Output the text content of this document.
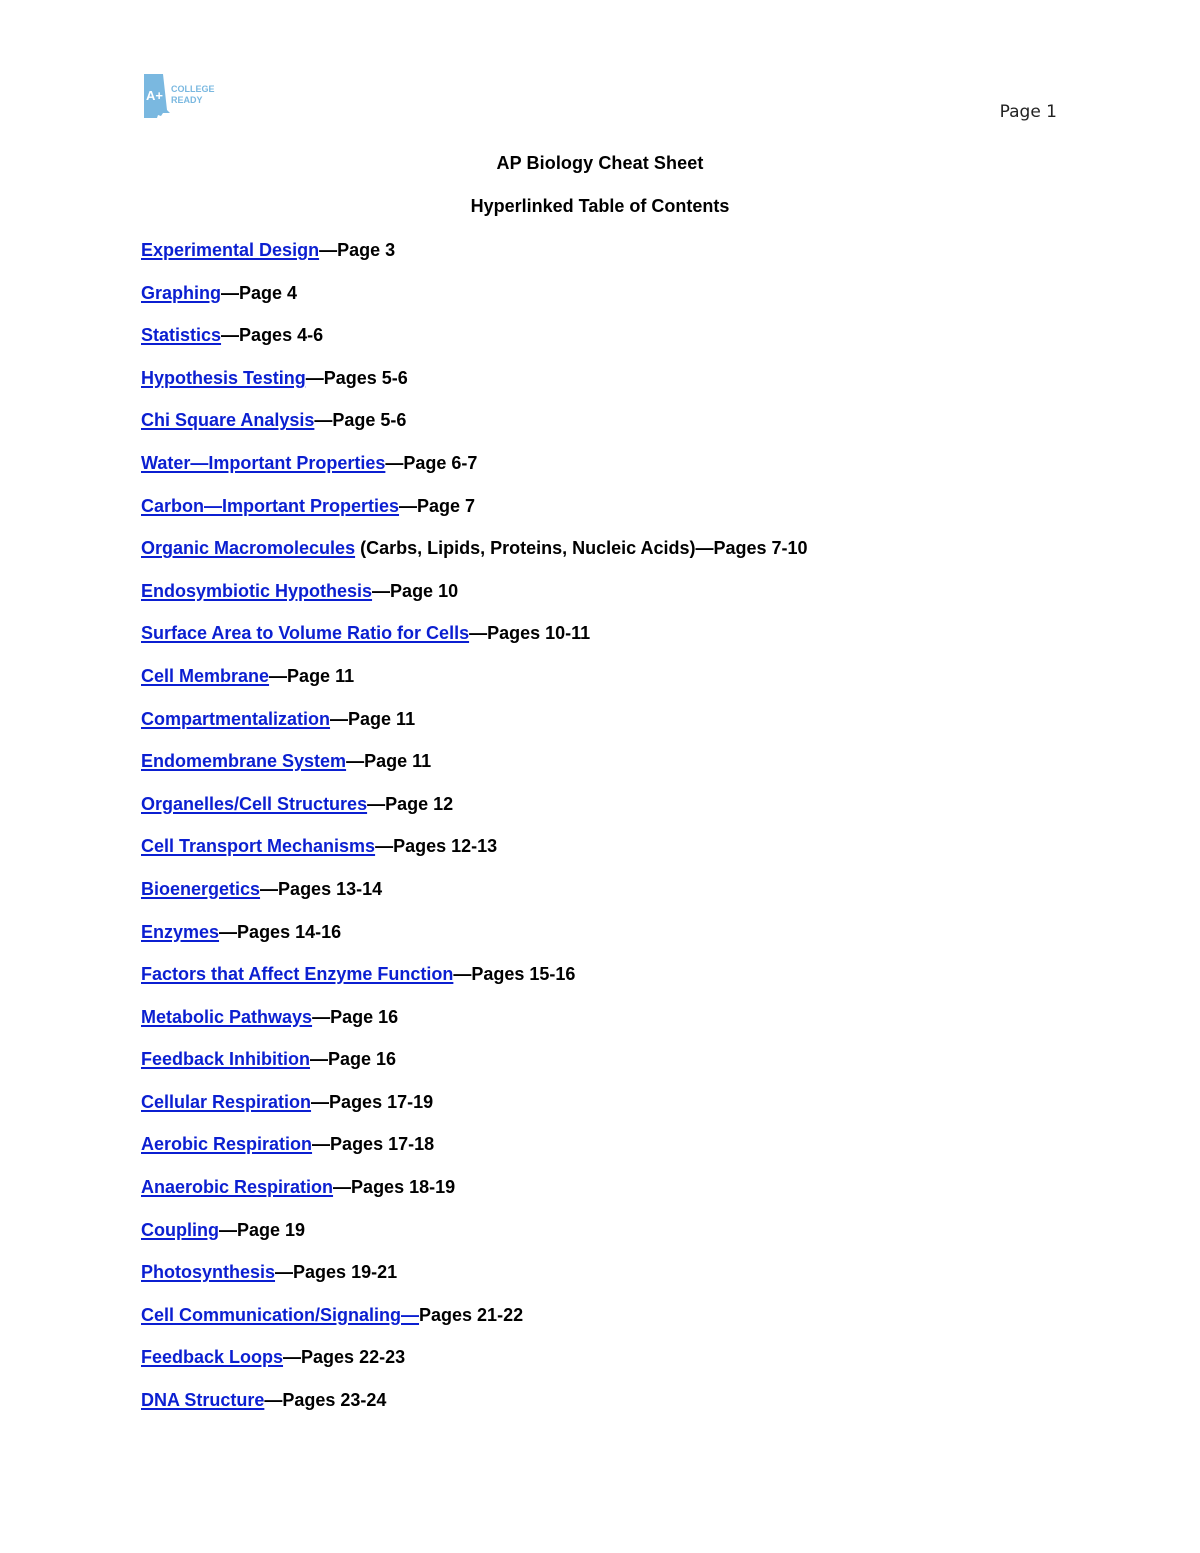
A+ COLLEGE
READY
Page 1
AP Biology Cheat Sheet
Hyperlinked Table of Contents
Experimental Design—Page 3
Graphing—Page 4
Statistics—Pages 4-6
Hypothesis Testing—Pages 5-6
Chi Square Analysis—Page 5-6
Water—Important Properties—Page 6-7
Carbon—Important Properties—Page 7
Organic Macromolecules (Carbs, Lipids, Proteins, Nucleic Acids)—Pages 7-10
Endosymbiotic Hypothesis—Page 10
Surface Area to Volume Ratio for Cells—Pages 10-11
Cell Membrane—Page 11
Compartmentalization—Page 11
Endomembrane System—Page 11
Organelles/Cell Structures—Page 12
Cell Transport Mechanisms—Pages 12-13
Bioenergetics—Pages 13-14
Enzymes—Pages 14-16
Factors that Affect Enzyme Function—Pages 15-16
Metabolic Pathways—Page 16
Feedback Inhibition—Page 16
Cellular Respiration—Pages 17-19
Aerobic Respiration—Pages 17-18
Anaerobic Respiration—Pages 18-19
Coupling—Page 19
Photosynthesis—Pages 19-21
Cell Communication/Signaling—Pages 21-22
Feedback Loops—Pages 22-23
DNA Structure—Pages 23-24
